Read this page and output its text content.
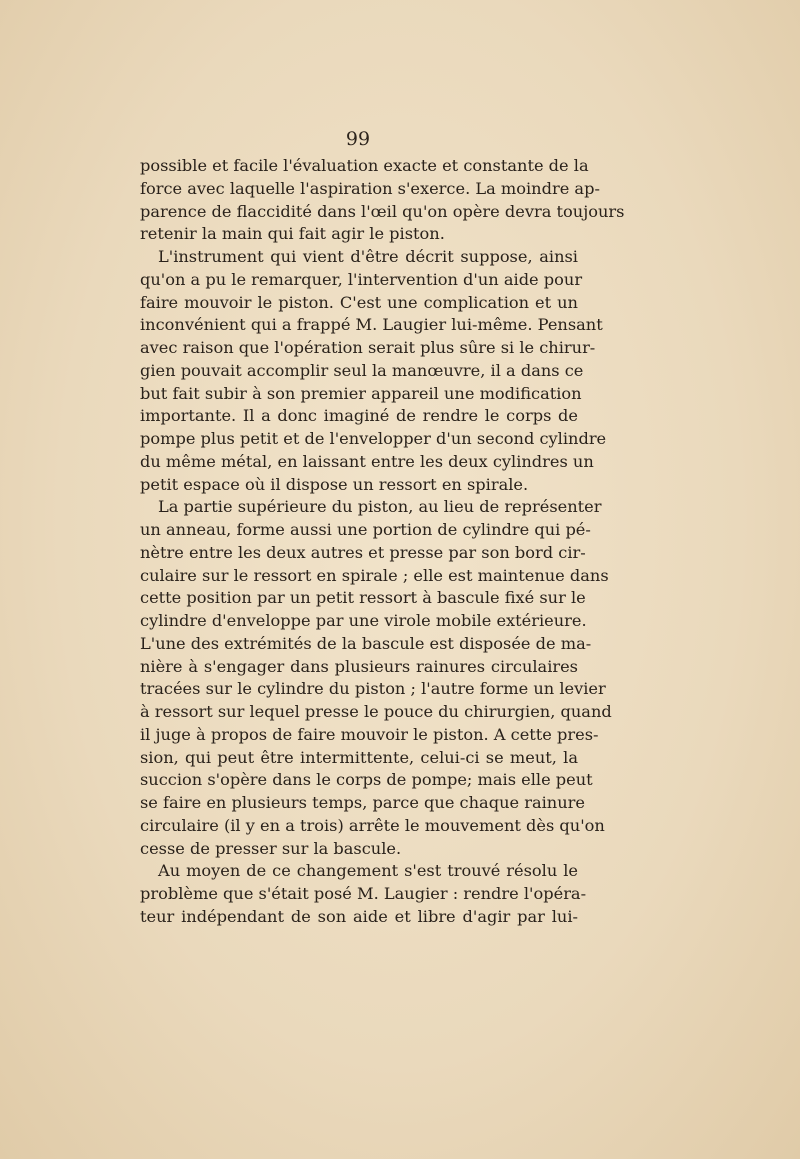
99
possible et facile l'évaluation exacte et constante de la
force avec laquelle l'aspiration s'exerce. La moindre ap-
parence de flaccidité dans l'œil qu'on opère devra toujours
retenir la main qui fait agir le piston.
L'instrument qui vient d'être décrit suppose, ainsi
qu'on a pu le remarquer, l'intervention d'un aide pour
faire mouvoir le piston. C'est une complication et un
inconvénient qui a frappé M. Laugier lui-même. Pensant
avec raison que l'opération serait plus sûre si le chirur-
gien pouvait accomplir seul la manœuvre, il a dans ce
but fait subir à son premier appareil une modification
importante. Il a donc imaginé de rendre le corps de
pompe plus petit et de l'envelopper d'un second cylindre
du même métal, en laissant entre les deux cylindres un
petit espace où il dispose un ressort en spirale.
La partie supérieure du piston, au lieu de représenter
un anneau, forme aussi une portion de cylindre qui pé-
nètre entre les deux autres et presse par son bord cir-
culaire sur le ressort en spirale ; elle est maintenue dans
cette position par un petit ressort à bascule fixé sur le
cylindre d'enveloppe par une virole mobile extérieure.
L'une des extrémités de la bascule est disposée de ma-
nière à s'engager dans plusieurs rainures circulaires
tracées sur le cylindre du piston ; l'autre forme un levier
à ressort sur lequel presse le pouce du chirurgien, quand
il juge à propos de faire mouvoir le piston. A cette pres-
sion, qui peut être intermittente, celui-ci se meut, la
succion s'opère dans le corps de pompe; mais elle peut
se faire en plusieurs temps, parce que chaque rainure
circulaire (il y en a trois) arrête le mouvement dès qu'on
cesse de presser sur la bascule.
Au moyen de ce changement s'est trouvé résolu le
problème que s'était posé M. Laugier : rendre l'opéra-
teur indépendant de son aide et libre d'agir par lui-
